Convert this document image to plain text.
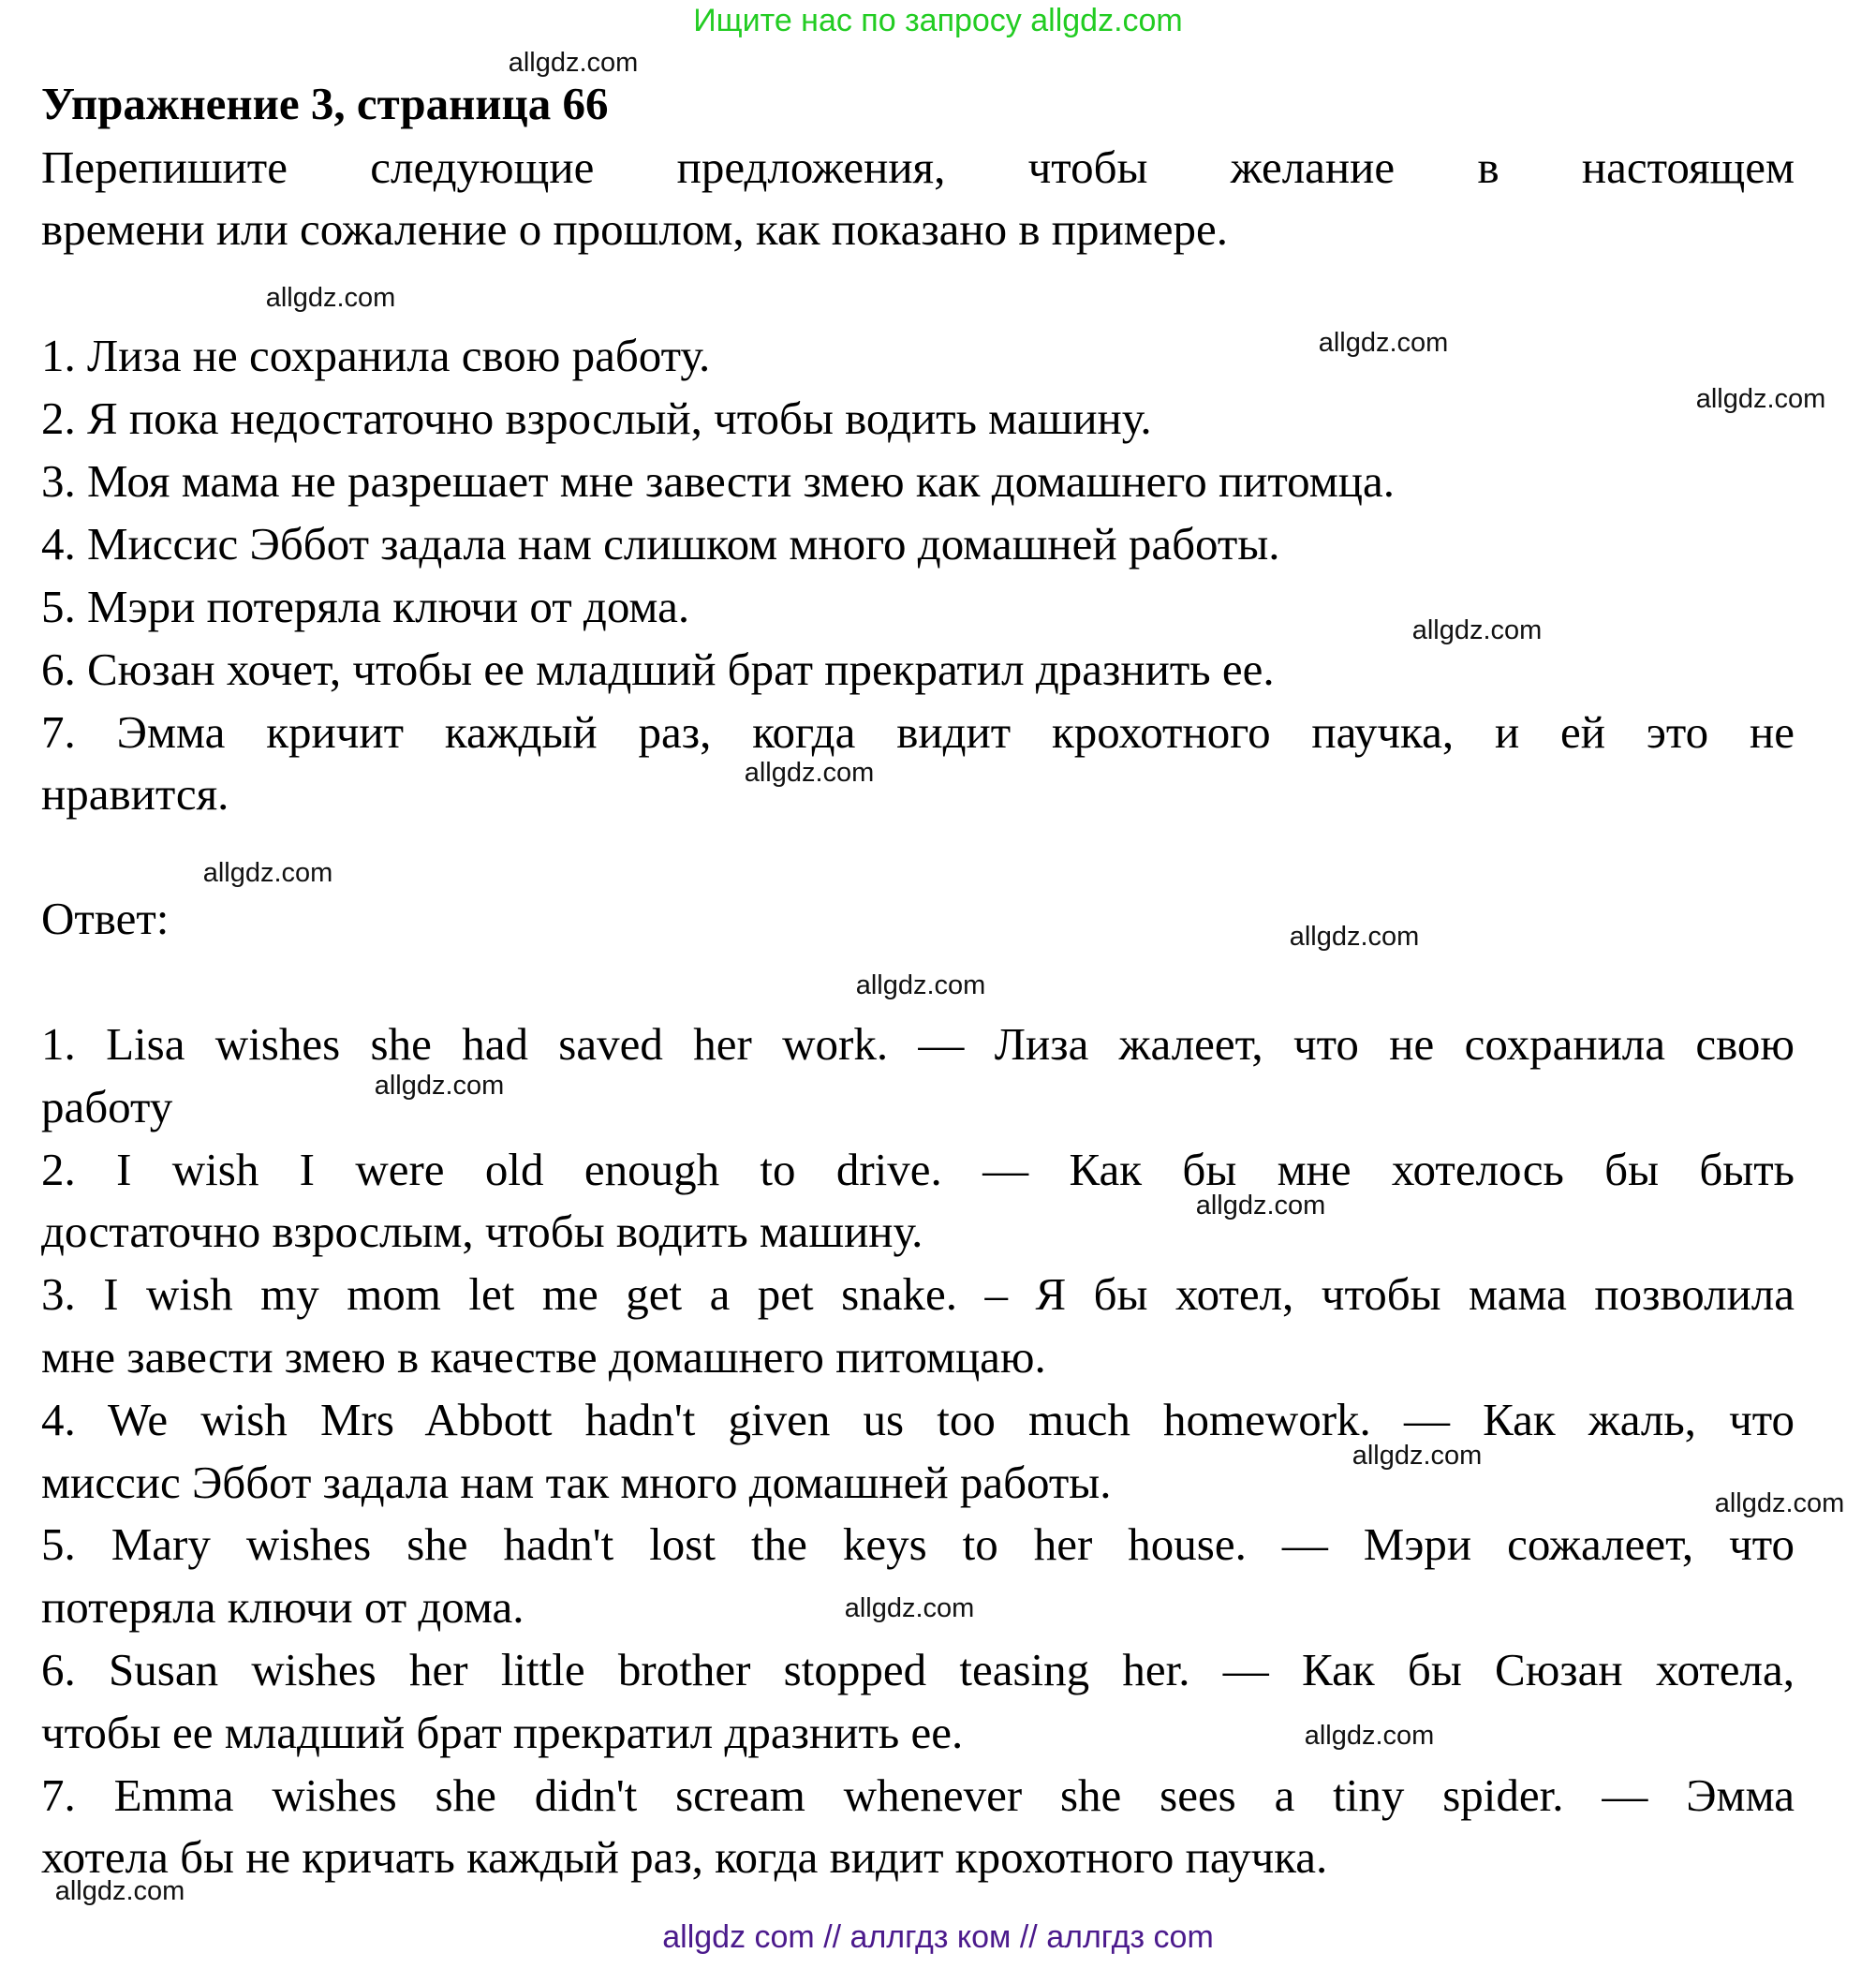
Ищите нас по запросу allgdz.com
Упражнение 3, страница 66
Перепишите следующие предложения, чтобы желание в настоящем
времени или сожаление о прошлом, как показано в примере.
1. Лиза не сохранила свою работу.
2. Я пока недостаточно взрослый, чтобы водить машину.
3. Моя мама не разрешает мне завести змею как домашнего питомца.
4. Миссис Эббот задала нам слишком много домашней работы.
5. Мэри потеряла ключи от дома.
6. Сюзан хочет, чтобы ее младший брат прекратил дразнить ее.
7. Эмма кричит каждый раз, когда видит крохотного паучка, и ей это не
нравится.
Ответ:
1. Lisa wishes she had saved her work. — Лиза жалеет, что не сохранила свою
работу
2. I wish I were old enough to drive. — Как бы мне хотелось бы быть
достаточно взрослым, чтобы водить машину.
3. I wish my mom let me get a pet snake. – Я бы хотел, чтобы мама позволила
мне завести змею в качестве домашнего питомцаю.
4. We wish Mrs Abbott hadn't given us too much homework. — Как жаль, что
миссис Эббот задала нам так много домашней работы.
5. Mary wishes she hadn't lost the keys to her house. — Мэри сожалеет, что
потеряла ключи от дома.
6. Susan wishes her little brother stopped teasing her. — Как бы Сюзан хотела,
чтобы ее младший брат прекратил дразнить ее.
7. Emma wishes she didn't scream whenever she sees a tiny spider. — Эмма
хотела бы не кричать каждый раз, когда видит крохотного паучка.
allgdz com // аллгдз ком // аллгдз com
allgdz.com
allgdz.com
allgdz.com
allgdz.com
allgdz.com
allgdz.com
allgdz.com
allgdz.com
allgdz.com
allgdz.com
allgdz.com
allgdz.com
allgdz.com
allgdz.com
allgdz.com
allgdz.com
